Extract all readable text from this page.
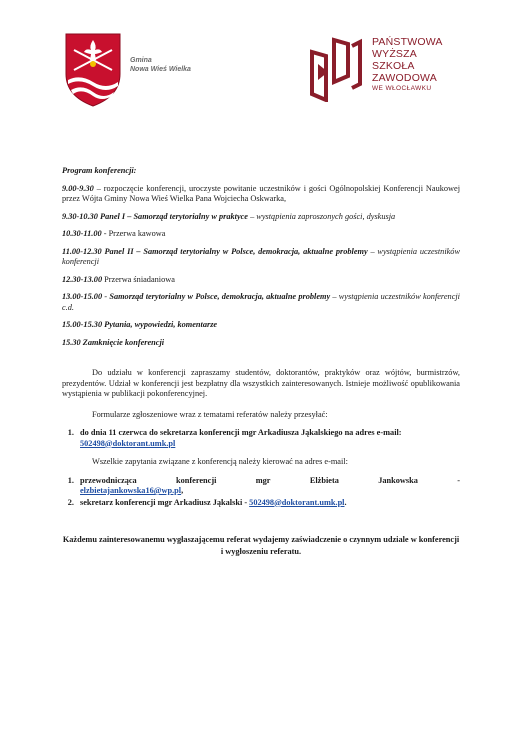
Gmina
Nowa Wieś Wielka
PAŃSTWOWA
WYŻSZA
SZKOŁA
ZAWODOWA
WE WŁOCŁAWKU
Program konferencji:
9.00-9.30 – rozpoczęcie konferencji, uroczyste powitanie uczestników i gości Ogólnopolskiej Konferencji Naukowej przez Wójta Gminy Nowa Wieś Wielka Pana Wojciecha Oskwarka,
9.30-10.30 Panel I – Samorząd terytorialny w praktyce – wystąpienia zaproszonych gości, dyskusja
10.30-11.00 - Przerwa kawowa
11.00-12.30 Panel II – Samorząd terytorialny w Polsce, demokracja, aktualne problemy – wystąpienia uczestników konferencji
12.30-13.00 Przerwa śniadaniowa
13.00-15.00 - Samorząd terytorialny w Polsce, demokracja, aktualne problemy – wystąpienia uczestników konferencji c.d.
15.00-15.30 Pytania, wypowiedzi, komentarze
15.30 Zamknięcie konferencji
Do udziału w konferencji zapraszamy studentów, doktorantów, praktyków oraz wójtów, burmistrzów, prezydentów. Udział w konferencji jest bezpłatny dla wszystkich zainteresowanych. Istnieje możliwość opublikowania wystąpienia w publikacji pokonferencyjnej.
Formularze zgłoszeniowe wraz z tematami referatów należy przesyłać:
1. do dnia 11 czerwca do sekretarza konferencji mgr Arkadiusza Jąkalskiego na adres e-mail: 502498@doktorant.umk.pl
Wszelkie zapytania związane z konferencją należy kierować na adres e-mail:
1. przewodnicząca	konferencji	mgr	Elżbieta	Jankowska	-
elzbietajankowska16@wp.pl,
2. sekretarz konferencji mgr Arkadiusz Jąkalski - 502498@doktorant.umk.pl.
Każdemu zainteresowanemu wygłaszającemu referat wydajemy zaświadczenie o czynnym udziale w konferencji i wygłoszeniu referatu.
